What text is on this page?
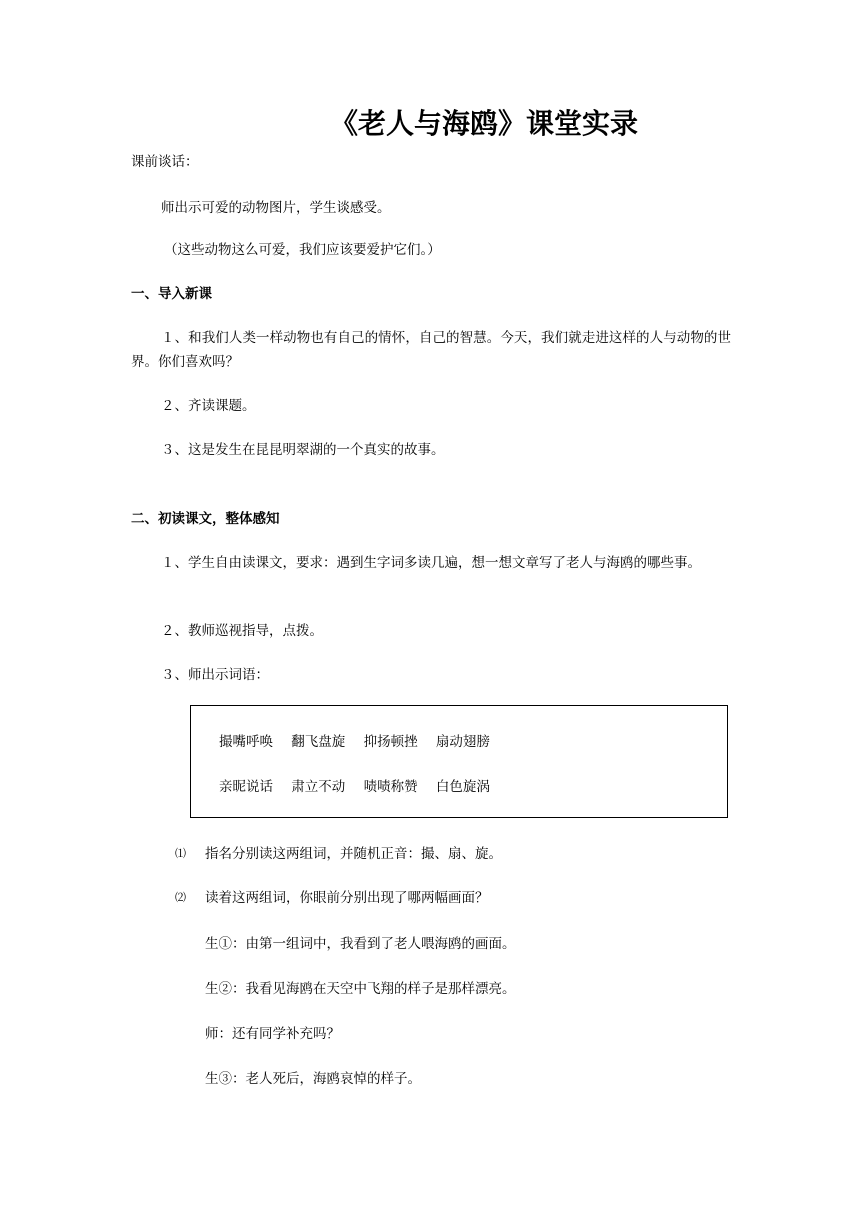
《老人与海鸥》课堂实录

课前谈话：

师出示可爱的动物图片，学生谈感受。

（这些动物这么可爱，我们应该要爱护它们。）

一、导入新课

１、和我们人类一样动物也有自己的情怀，自己的智慧。今天，我们就走进这样的人与动物的世界。你们喜欢吗？

２、齐读课题。

３、这是发生在昆昆明翠湖的一个真实的故事。

二、初读课文，整体感知

１、学生自由读课文，要求：遇到生字词多读几遍，想一想文章写了老人与海鸥的哪些事。

２、教师巡视指导，点拨。

３、师出示词语：

撮嘴呼唤 翻飞盘旋 抑扬顿挫 扇动翅膀
亲昵说话 肃立不动 啧啧称赞 白色旋涡

⑴ 指名分别读这两组词，并随机正音：撮、扇、旋。

⑵ 读着这两组词，你眼前分别出现了哪两幅画面？

生①：由第一组词中，我看到了老人喂海鸥的画面。

生②：我看见海鸥在天空中飞翔的样子是那样漂亮。

师：还有同学补充吗？

生③：老人死后，海鸥哀悼的样子。
